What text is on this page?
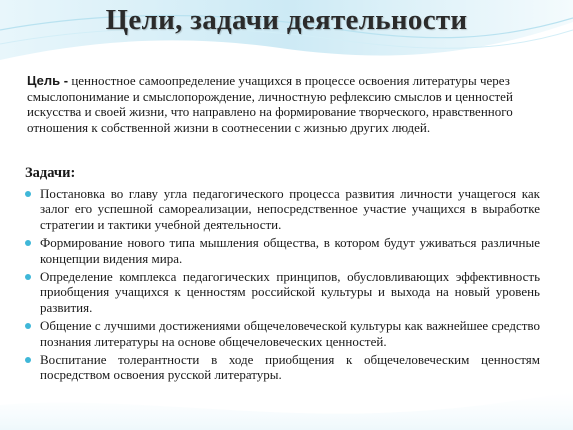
Цели, задачи деятельности
Цель - ценностное самоопределение учащихся в процессе освоения литературы через смыслопонимание и смыслопорождение, личностную рефлексию смыслов и ценностей искусства и своей жизни, что направлено на формирование творческого, нравственного отношения к собственной жизни в соотнесении с жизнью других людей.
Задачи:
Постановка во главу угла педагогического процесса развития личности учащегося как залог его успешной самореализации, непосредственное участие учащихся в выработке стратегии и тактики учебной деятельности.
Формирование нового типа мышления общества, в котором будут уживаться различные концепции видения мира.
Определение комплекса педагогических принципов, обусловливающих эффективность приобщения учащихся к ценностям российской культуры и выхода на новый уровень развития.
Общение с лучшими достижениями общечеловеческой культуры как важнейшее средство познания литературы на основе общечеловеческих ценностей.
Воспитание толерантности в ходе приобщения к общечеловеческим ценностям посредством освоения русской литературы.
